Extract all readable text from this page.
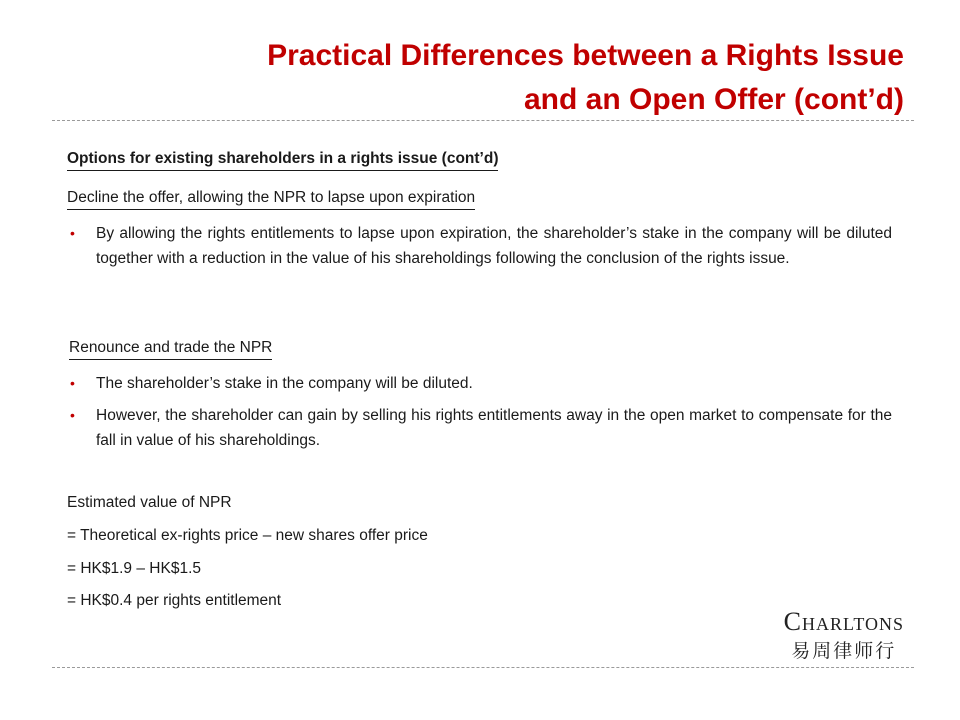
Practical Differences between a Rights Issue
and an Open Offer (cont’d)
Options for existing shareholders in a rights issue (cont’d)
Decline the offer, allowing the NPR to lapse upon expiration
• By allowing the rights entitlements to lapse upon expiration, the shareholder’s stake in the company will be diluted together with a reduction in the value of his shareholdings following the conclusion of the rights issue.
Renounce and trade the NPR
• The shareholder’s stake in the company will be diluted.
• However, the shareholder can gain by selling his rights entitlements away in the open market to compensate for the fall in value of his shareholdings.
Estimated value of NPR
= Theoretical ex-rights price – new shares offer price
= HK$1.9 – HK$1.5
= HK$0.4 per rights entitlement
Charltons
易周律师行
